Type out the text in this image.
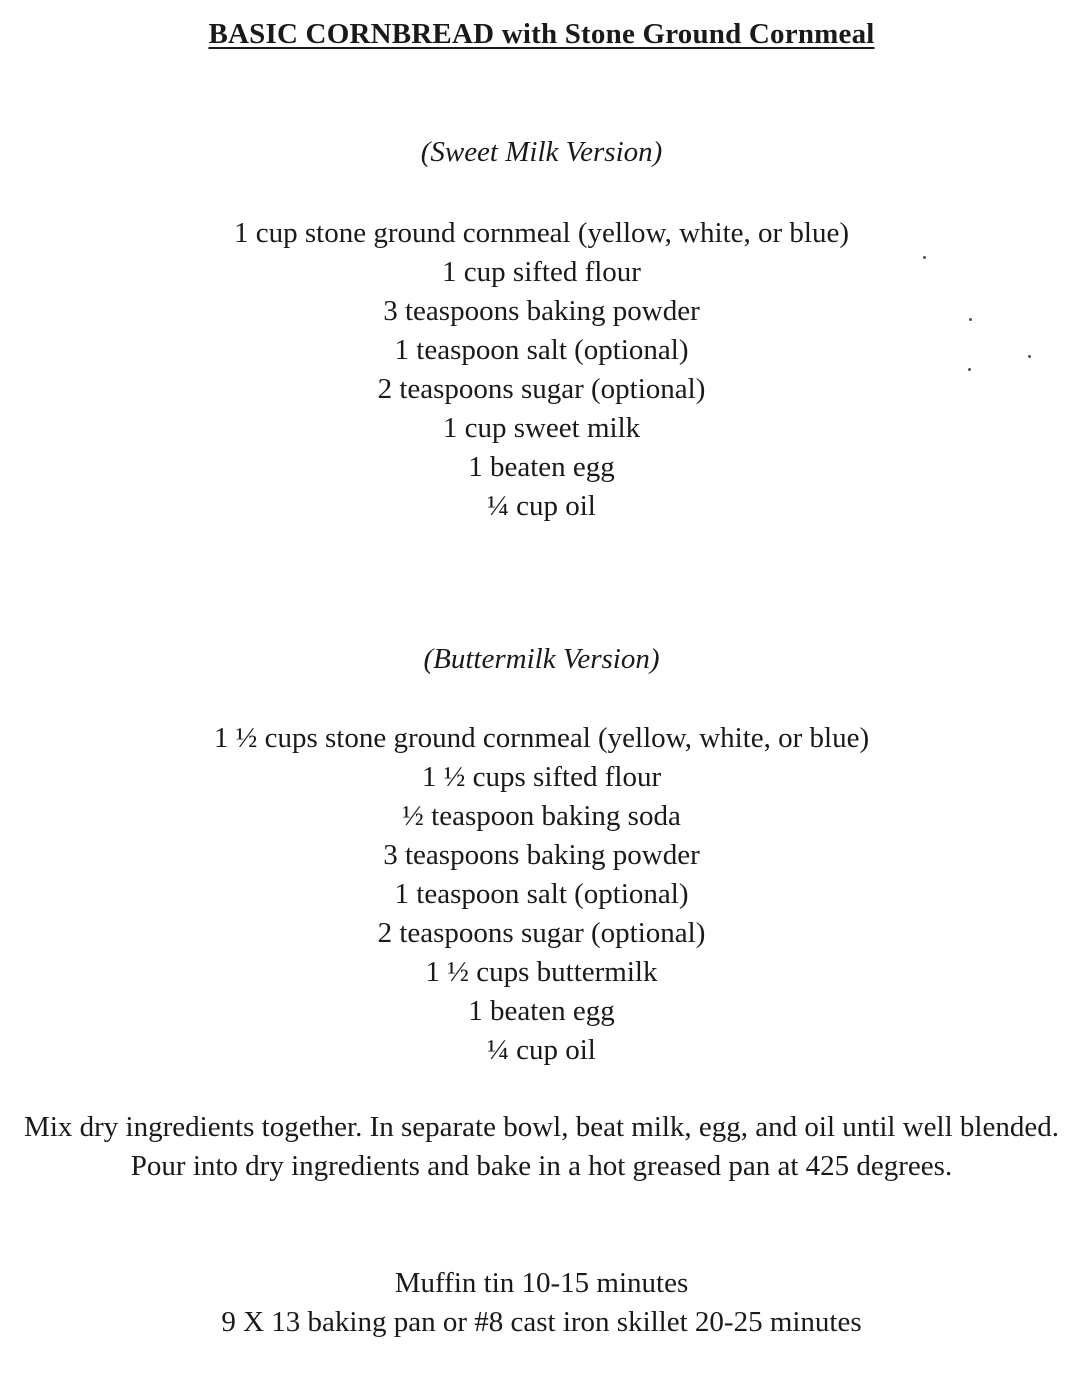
BASIC CORNBREAD with Stone Ground Cornmeal
(Sweet Milk Version)
1 cup stone ground cornmeal (yellow, white, or blue)
1 cup sifted flour
3 teaspoons baking powder
1 teaspoon salt (optional)
2 teaspoons sugar (optional)
1 cup sweet milk
1 beaten egg
¼ cup oil
(Buttermilk Version)
1 ½ cups stone ground cornmeal (yellow, white, or blue)
1 ½ cups sifted flour
½ teaspoon baking soda
3 teaspoons baking powder
1 teaspoon salt (optional)
2 teaspoons sugar (optional)
1 ½ cups buttermilk
1 beaten egg
¼ cup oil
Mix dry ingredients together. In separate bowl, beat milk, egg, and oil until well blended. Pour into dry ingredients and bake in a hot greased pan at 425 degrees.
Muffin tin 10-15 minutes
9 X 13 baking pan or #8 cast iron skillet 20-25 minutes
